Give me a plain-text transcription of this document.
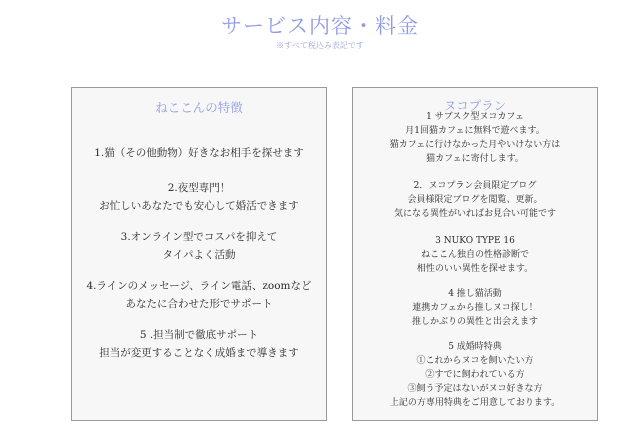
サービス内容・料金
※すべて税込み表記です
ねここんの特徴
1.猫（その他動物）好きなお相手を探せます
2.夜型専門！
お忙しいあなたでも安心して婚活できます
3.オンライン型でコスパを抑えて
タイパよく活動
4.ラインのメッセージ、ライン電話、zoomなど
あなたに合わせた形でサポート
5 .担当制で徹底サポート
担当が変更することなく成婚まで導きます
ヌコプラン
1 サブスク型ヌコカフェ
月1回猫カフェに無料で遊べます。
猫カフェに行けなかった月やいけない方は
猫カフェに寄付します。
2．ヌコプラン会員限定ブログ
会員様限定ブログを閲覧、更新。
気になる異性がいればお見合い可能です
3 NUKO TYPE 16
ねここん独自の性格診断で
相性のいい異性を探せます。
4 推し猫活動
連携カフェから推しヌコ探し！
推しかぶりの異性と出会えます
5 成婚時特典
①これからヌコを飼いたい方
②すでに飼われている方
③飼う予定はないがヌコ好きな方
上記の方専用特典をご用意しております。
